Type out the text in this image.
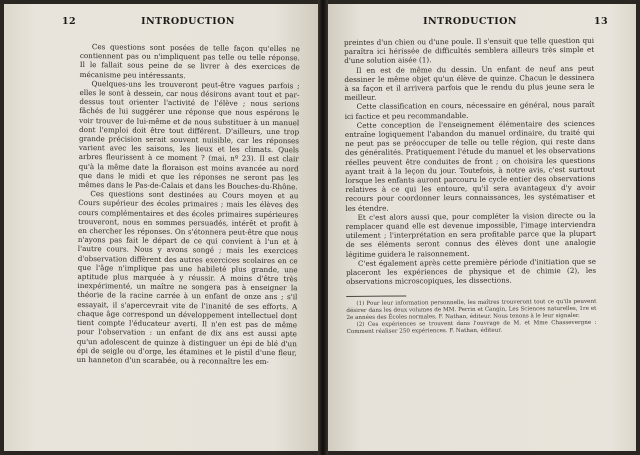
12	INTRODUCTION

Ces questions sont posées de telle façon qu'elles ne contiennent pas ou n'impliquent pas telle ou telle réponse. Il le fallait sous peine de se livrer à des exercices de mécanisme peu intéressants.

Quelques-uns les trouveront peut-être vagues parfois ; elles le sont à dessein, car nous désirons avant tout et par-dessus tout orienter l'activité de l'élève ; nous serions fâchés de lui suggérer une réponse que nous espérons le voir trouver de lui-même et de nous substituer à un manuel dont l'emploi doit être tout différent. D'ailleurs, une trop grande précision serait souvent nuisible, car les réponses varient avec les saisons, les lieux et les climats. Quels arbres fleurissent à ce moment ? (mai, nº 23). Il est clair qu'à la même date la floraison est moins avancée au nord que dans le midi et que les réponses ne seront pas les mêmes dans le Pas-de-Calais et dans les Bouches-du-Rhône.

Ces questions sont destinées au Cours moyen et au Cours supérieur des écoles primaires ; mais les élèves des cours complémentaires et des écoles primaires supérieures trouveront, nous en sommes persuadés, intérêt et profit à en chercher les réponses. On s'étonnera peut-être que nous n'ayons pas fait le départ de ce qui convient à l'un et à l'autre cours. Nous y avons songé ; mais les exercices d'observation diffèrent des autres exercices scolaires en ce que l'âge n'implique pas une habileté plus grande, une aptitude plus marquée à y réussir. A moins d'être très inexpérimenté, un maître ne songera pas à enseigner la théorie de la racine carrée à un enfant de onze ans ; s'il essayait, il s'apercevrait vite de l'inanité de ses efforts. A chaque âge correspond un développement intellectuel dont tient compte l'éducateur averti. Il n'en est pas de même pour l'observation : un enfant de dix ans est aussi apte qu'un adolescent de quinze à distinguer un épi de blé d'un épi de seigle ou d'orge, les étamines et le pistil d'une fleur, un hanneton d'un scarabée, ou à reconnaître les em-

INTRODUCTION	13

preintes d'un chien ou d'une poule. Il s'ensuit que telle question qui paraîtra ici hérissée de difficultés semblera ailleurs très simple et d'une solution aisée (1).

Il en est de même du dessin. Un enfant de neuf ans peut dessiner le même objet qu'un élève de quinze. Chacun le dessinera à sa façon et il arrivera parfois que le rendu du plus jeune sera le meilleur.

Cette classification en cours, nécessaire en général, nous paraît ici factice et peu recommandable.

Cette conception de l'enseignement élémentaire des sciences entraîne logiquement l'abandon du manuel ordinaire, du traité qui ne peut pas se préoccuper de telle ou telle région, qui reste dans des généralités. Pratiquement l'étude du manuel et les observations réelles peuvent être conduites de front ; on choisira les questions ayant trait à la leçon du jour. Toutefois, à notre avis, c'est surtout lorsque les enfants auront parcouru le cycle entier des observations relatives à ce qui les entoure, qu'il sera avantageux d'y avoir recours pour coordonner leurs connaissances, les systématiser et les étendre.

Et c'est alors aussi que, pour compléter la vision directe ou la remplacer quand elle est devenue impossible, l'image interviendra utilement ; l'interprétation en sera profitable parce que la plupart de ses éléments seront connus des élèves dont une analogie légitime guidera le raisonnement.

C'est également après cette première période d'initiation que se placeront les expériences de physique et de chimie (2), les observations microscopiques, les dissections.

(1) Pour leur information personnelle, les maîtres trouveront tout ce qu'ils peuvent désirer dans les deux volumes de MM. Perrin et Cangin, Les Sciences naturelles, 1re et 2e années des Écoles normales, F. Nathan, éditeur. Nous tenons à le leur signaler.

(2) Ces expériences se trouvent dans l'ouvrage de M. et Mme Chassevergne : Comment réaliser 250 expériences. F. Nathan, éditeur.
